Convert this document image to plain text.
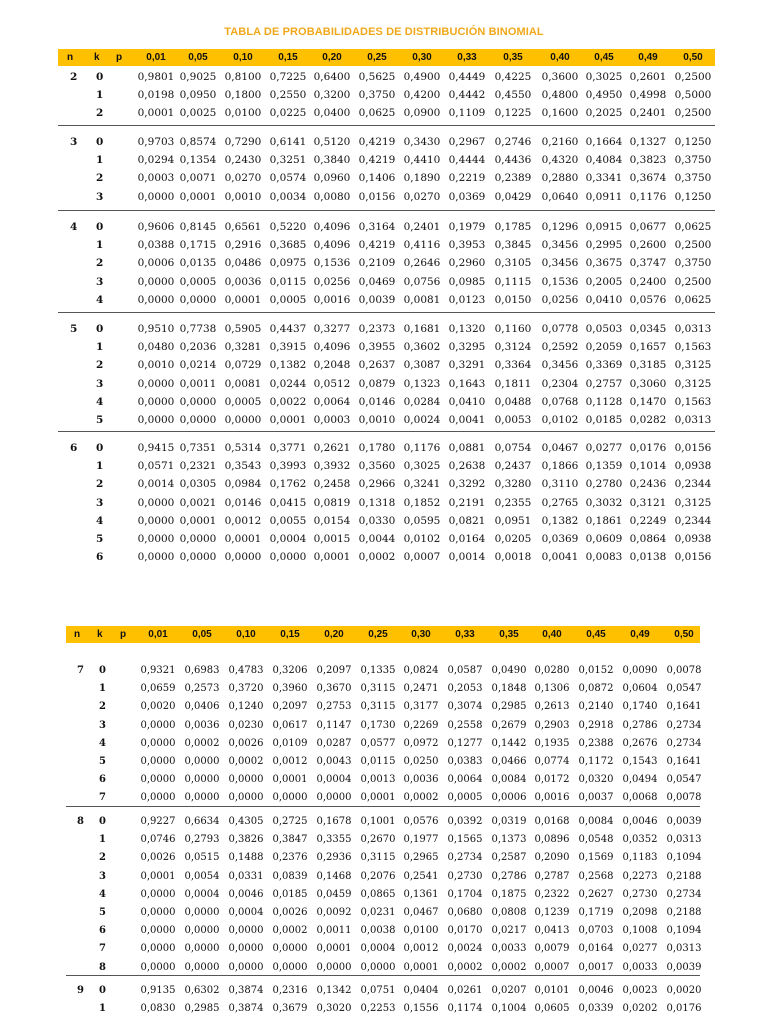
TABLA DE PROBABILIDADES DE DISTRIBUCIÓN BINOMIAL
n k p 0,01 0,05	0,10	0,15 0,20	0,25	0,30	0,33	0,35	0,40 0,45 0,49	0,50
2 0	0,9801 0,9025 0,8100 0,7225 0,6400 0,5625 0,4900 0,4449 0,4225 0,3600 0,3025 0,2601 0,2500
1	0,0198 0,0950 0,1800 0,2550 0,3200 0,3750 0,4200 0,4442 0,4550 0,4800 0,4950 0,4998 0,5000
2	0,0001 0,0025 0,0100 0,0225 0,0400 0,0625 0,0900 0,1109 0,1225 0,1600 0,2025 0,2401 0,2500
3 0	0,9703 0,8574 0,7290 0,6141 0,5120 0,4219 0,3430 0,2967 0,2746 0,2160 0,1664 0,1327 0,1250
1	0,0294 0,1354 0,2430 0,3251 0,3840 0,4219 0,4410 0,4444 0,4436 0,4320 0,4084 0,3823 0,3750
2	0,0003 0,0071 0,0270 0,0574 0,0960 0,1406 0,1890 0,2219 0,2389 0,2880 0,3341 0,3674 0,3750
3	0,0000 0,0001 0,0010 0,0034 0,0080 0,0156 0,0270 0,0369 0,0429 0,0640 0,0911 0,1176 0,1250
4 0	0,9606 0,8145 0,6561 0,5220 0,4096 0,3164 0,2401 0,1979 0,1785 0,1296 0,0915 0,0677 0,0625
1	0,0388 0,1715 0,2916 0,3685 0,4096 0,4219 0,4116 0,3953 0,3845 0,3456 0,2995 0,2600 0,2500
2	0,0006 0,0135 0,0486 0,0975 0,1536 0,2109 0,2646 0,2960 0,3105 0,3456 0,3675 0,3747 0,3750
3	0,0000 0,0005 0,0036 0,0115 0,0256 0,0469 0,0756 0,0985 0,1115 0,1536 0,2005 0,2400 0,2500
4	0,0000 0,0000 0,0001 0,0005 0,0016 0,0039 0,0081 0,0123 0,0150 0,0256 0,0410 0,0576 0,0625
5 0	0,9510 0,7738 0,5905 0,4437 0,3277 0,2373 0,1681 0,1320 0,1160 0,0778 0,0503 0,0345 0,0313
1	0,0480 0,2036 0,3281 0,3915 0,4096 0,3955 0,3602 0,3295 0,3124 0,2592 0,2059 0,1657 0,1563
2	0,0010 0,0214 0,0729 0,1382 0,2048 0,2637 0,3087 0,3291 0,3364 0,3456 0,3369 0,3185 0,3125
3	0,0000 0,0011 0,0081 0,0244 0,0512 0,0879 0,1323 0,1643 0,1811 0,2304 0,2757 0,3060 0,3125
4	0,0000 0,0000 0,0005 0,0022 0,0064 0,0146 0,0284 0,0410 0,0488 0,0768 0,1128 0,1470 0,1563
5	0,0000 0,0000 0,0000 0,0001 0,0003 0,0010 0,0024 0,0041 0,0053 0,0102 0,0185 0,0282 0,0313
6 0	0,9415 0,7351 0,5314 0,3771 0,2621 0,1780 0,1176 0,0881 0,0754 0,0467 0,0277 0,0176 0,0156
1	0,0571 0,2321 0,3543 0,3993 0,3932 0,3560 0,3025 0,2638 0,2437 0,1866 0,1359 0,1014 0,0938
2	0,0014 0,0305 0,0984 0,1762 0,2458 0,2966 0,3241 0,3292 0,3280 0,3110 0,2780 0,2436 0,2344
3	0,0000 0,0021 0,0146 0,0415 0,0819 0,1318 0,1852 0,2191 0,2355 0,2765 0,3032 0,3121 0,3125
4	0,0000 0,0001 0,0012 0,0055 0,0154 0,0330 0,0595 0,0821 0,0951 0,1382 0,1861 0,2249 0,2344
5	0,0000 0,0000 0,0001 0,0004 0,0015 0,0044 0,0102 0,0164 0,0205 0,0369 0,0609 0,0864 0,0938
6	0,0000 0,0000 0,0000 0,0000 0,0001 0,0002 0,0007 0,0014 0,0018 0,0041 0,0083 0,0138 0,0156
n k p 0,01 0,05 0,10 0,15 0,20 0,25 0,30 0,33 0,35 0,40 0,45 0,49 0,50
7 0	0,9321 0,6983 0,4783 0,3206 0,2097 0,1335 0,0824 0,0587 0,0490 0,0280 0,0152 0,0090 0,0078
1	0,0659 0,2573 0,3720 0,3960 0,3670 0,3115 0,2471 0,2053 0,1848 0,1306 0,0872 0,0604 0,0547
2	0,0020 0,0406 0,1240 0,2097 0,2753 0,3115 0,3177 0,3074 0,2985 0,2613 0,2140 0,1740 0,1641
3	0,0000 0,0036 0,0230 0,0617 0,1147 0,1730 0,2269 0,2558 0,2679 0,2903 0,2918 0,2786 0,2734
4	0,0000 0,0002 0,0026 0,0109 0,0287 0,0577 0,0972 0,1277 0,1442 0,1935 0,2388 0,2676 0,2734
5	0,0000 0,0000 0,0002 0,0012 0,0043 0,0115 0,0250 0,0383 0,0466 0,0774 0,1172 0,1543 0,1641
6	0,0000 0,0000 0,0000 0,0001 0,0004 0,0013 0,0036 0,0064 0,0084 0,0172 0,0320 0,0494 0,0547
7	0,0000 0,0000 0,0000 0,0000 0,0000 0,0001 0,0002 0,0005 0,0006 0,0016 0,0037 0,0068 0,0078
8 0	0,9227 0,6634 0,4305 0,2725 0,1678 0,1001 0,0576 0,0392 0,0319 0,0168 0,0084 0,0046 0,0039
1	0,0746 0,2793 0,3826 0,3847 0,3355 0,2670 0,1977 0,1565 0,1373 0,0896 0,0548 0,0352 0,0313
2	0,0026 0,0515 0,1488 0,2376 0,2936 0,3115 0,2965 0,2734 0,2587 0,2090 0,1569 0,1183 0,1094
3	0,0001 0,0054 0,0331 0,0839 0,1468 0,2076 0,2541 0,2730 0,2786 0,2787 0,2568 0,2273 0,2188
4	0,0000 0,0004 0,0046 0,0185 0,0459 0,0865 0,1361 0,1704 0,1875 0,2322 0,2627 0,2730 0,2734
5	0,0000 0,0000 0,0004 0,0026 0,0092 0,0231 0,0467 0,0680 0,0808 0,1239 0,1719 0,2098 0,2188
6	0,0000 0,0000 0,0000 0,0002 0,0011 0,0038 0,0100 0,0170 0,0217 0,0413 0,0703 0,1008 0,1094
7	0,0000 0,0000 0,0000 0,0000 0,0001 0,0004 0,0012 0,0024 0,0033 0,0079 0,0164 0,0277 0,0313
8	0,0000 0,0000 0,0000 0,0000 0,0000 0,0000 0,0001 0,0002 0,0002 0,0007 0,0017 0,0033 0,0039
9 0	0,9135 0,6302 0,3874 0,2316 0,1342 0,0751 0,0404 0,0261 0,0207 0,0101 0,0046 0,0023 0,0020
1	0,0830 0,2985 0,3874 0,3679 0,3020 0,2253 0,1556 0,1174 0,1004 0,0605 0,0339 0,0202 0,0176
